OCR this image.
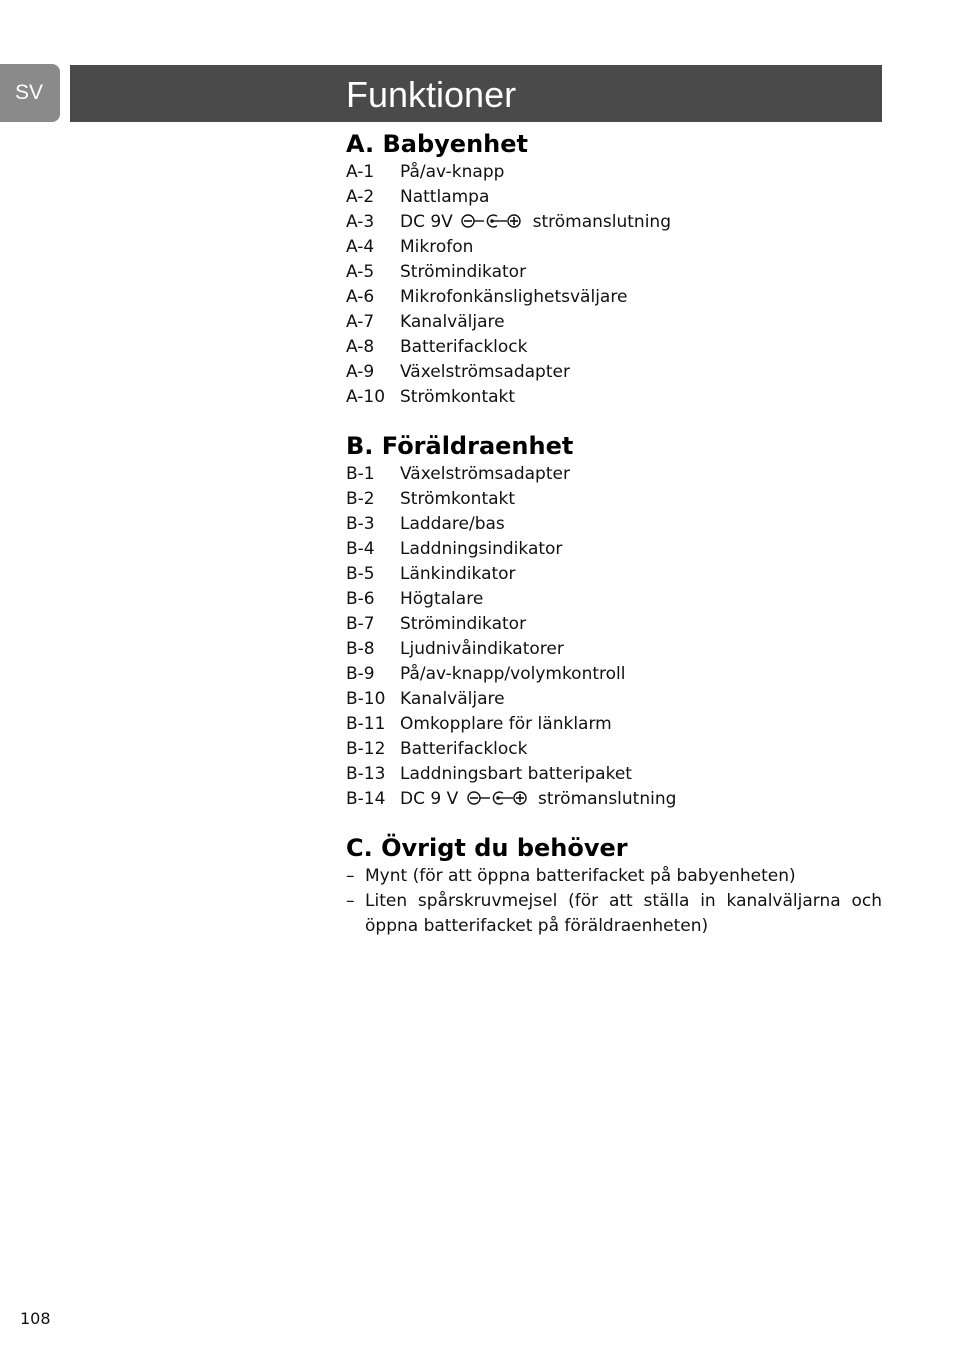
SV	Funktioner
A. Babyenhet
A-1	På/av-knapp
A-2	Nattlampa
A-3	DC 9V	strömanslutning
A-4	Mikrofon
A-5	Strömindikator
A-6	Mikrofonkänslighetsväljare
A-7	Kanalväljare
A-8	Batterifacklock
A-9	Växelströmsadapter
A-10 Strömkontakt
B. Föräldraenhet
B-1	Växelströmsadapter
B-2	Strömkontakt
B-3	Laddare/bas
B-4	Laddningsindikator
B-5	Länkindikator
B-6	Högtalare
B-7	Strömindikator
B-8	Ljudnivåindikatorer
B-9	På/av-knapp/volymkontroll
B-10 Kanalväljare
B-11 Omkopplare för länklarm
B-12 Batterifacklock
B-13 Laddningsbart batteripaket
B-14 DC 9 V	strömanslutning
C. Övrigt du behöver
– Mynt (för att öppna batterifacket på babyenheten)
– Liten spårskruvmejsel (för att ställa in kanalväljarna och öppna batterifacket på föräldraenheten)
108
